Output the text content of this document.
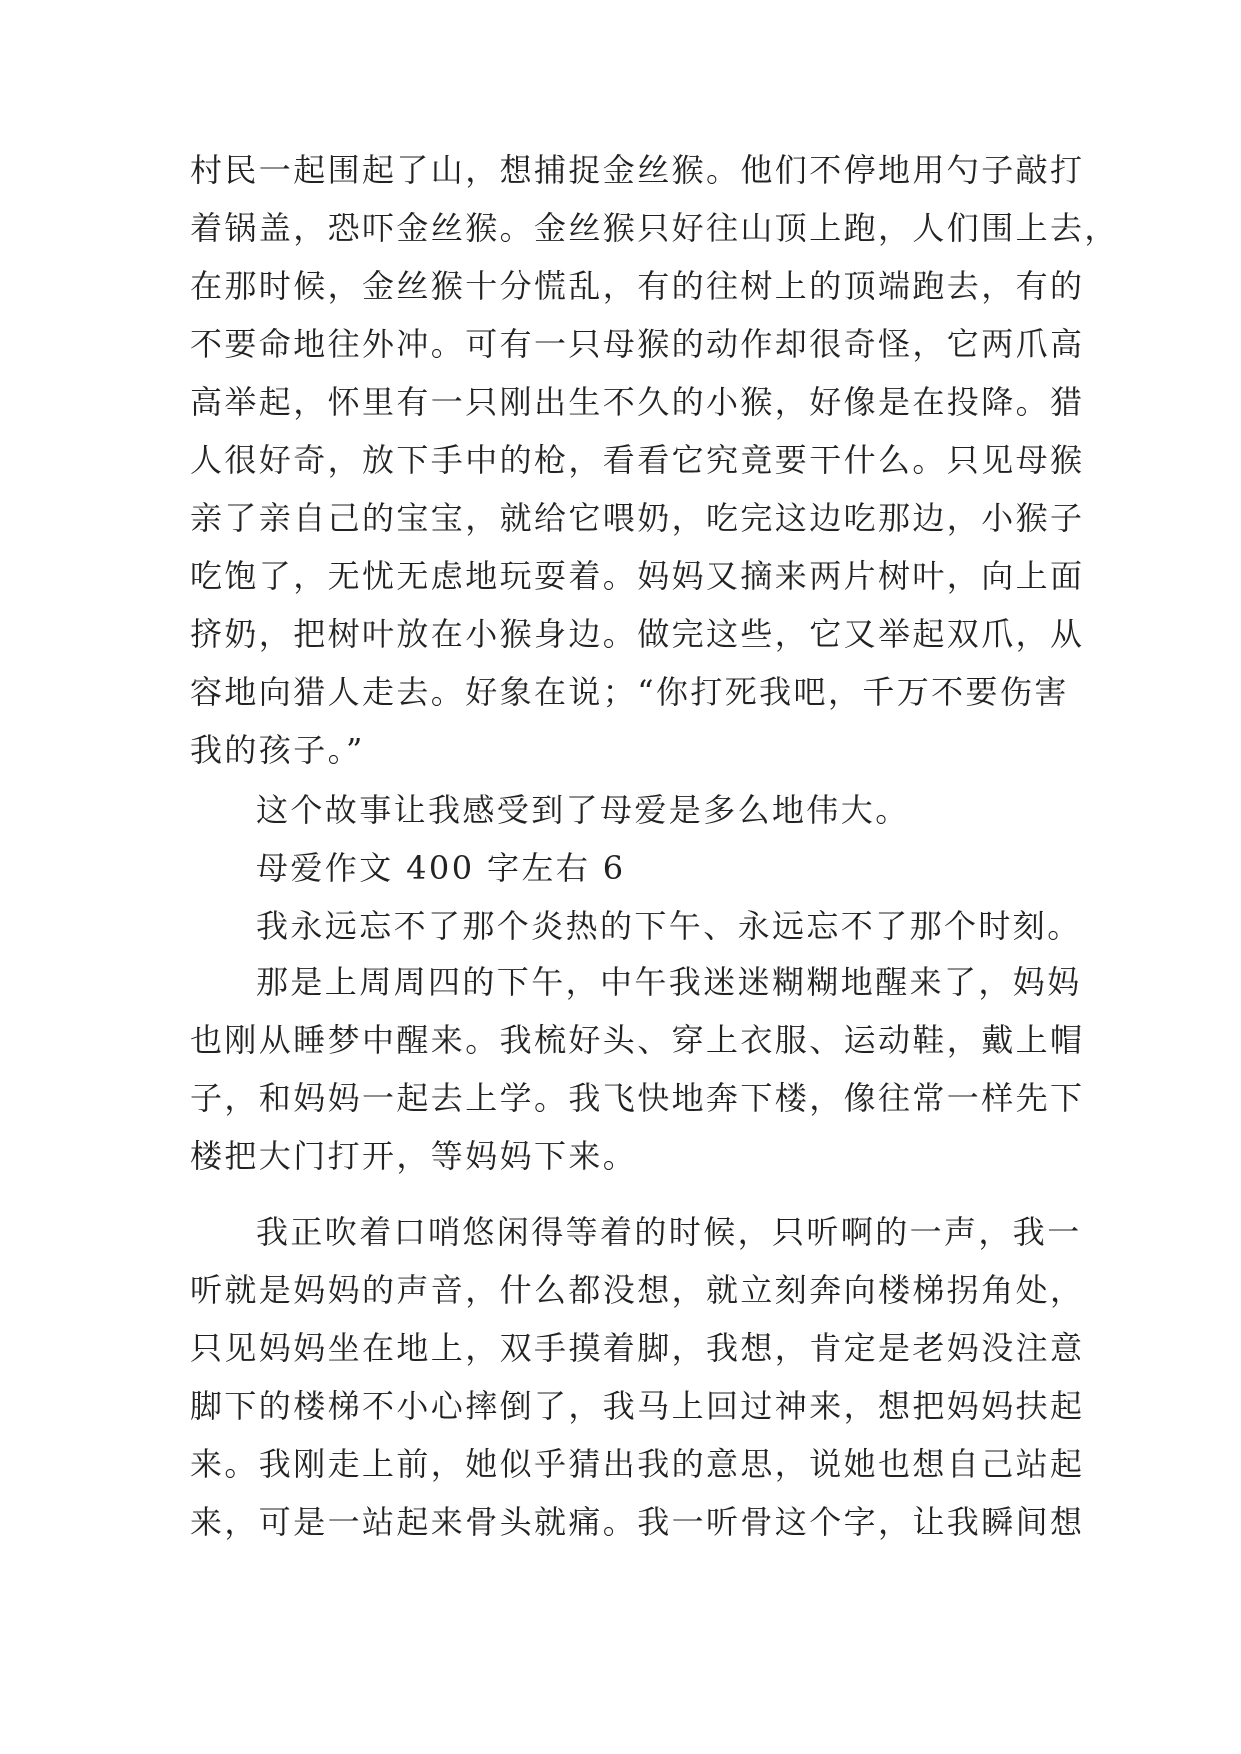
村民一起围起了山，想捕捉金丝猴。他们不停地用勺子敲打
着锅盖，恐吓金丝猴。金丝猴只好往山顶上跑，人们围上去，
在那时候，金丝猴十分慌乱，有的往树上的顶端跑去，有的
不要命地往外冲。可有一只母猴的动作却很奇怪，它两爪高
高举起，怀里有一只刚出生不久的小猴，好像是在投降。猎
人很好奇，放下手中的枪，看看它究竟要干什么。只见母猴
亲了亲自己的宝宝，就给它喂奶，吃完这边吃那边，小猴子
吃饱了，无忧无虑地玩耍着。妈妈又摘来两片树叶，向上面
挤奶，把树叶放在小猴身边。做完这些，它又举起双爪，从
容地向猎人走去。好象在说；“你打死我吧，千万不要伤害
我的孩子。”
这个故事让我感受到了母爱是多么地伟大。
母爱作文 400 字左右 6
我永远忘不了那个炎热的下午、永远忘不了那个时刻。
那是上周周四的下午，中午我迷迷糊糊地醒来了，妈妈
也刚从睡梦中醒来。我梳好头、穿上衣服、运动鞋，戴上帽
子，和妈妈一起去上学。我飞快地奔下楼，像往常一样先下
楼把大门打开，等妈妈下来。
我正吹着口哨悠闲得等着的时候，只听啊的一声，我一
听就是妈妈的声音，什么都没想，就立刻奔向楼梯拐角处，
只见妈妈坐在地上，双手摸着脚，我想，肯定是老妈没注意
脚下的楼梯不小心摔倒了，我马上回过神来，想把妈妈扶起
来。我刚走上前，她似乎猜出我的意思，说她也想自己站起
来，可是一站起来骨头就痛。我一听骨这个字，让我瞬间想
